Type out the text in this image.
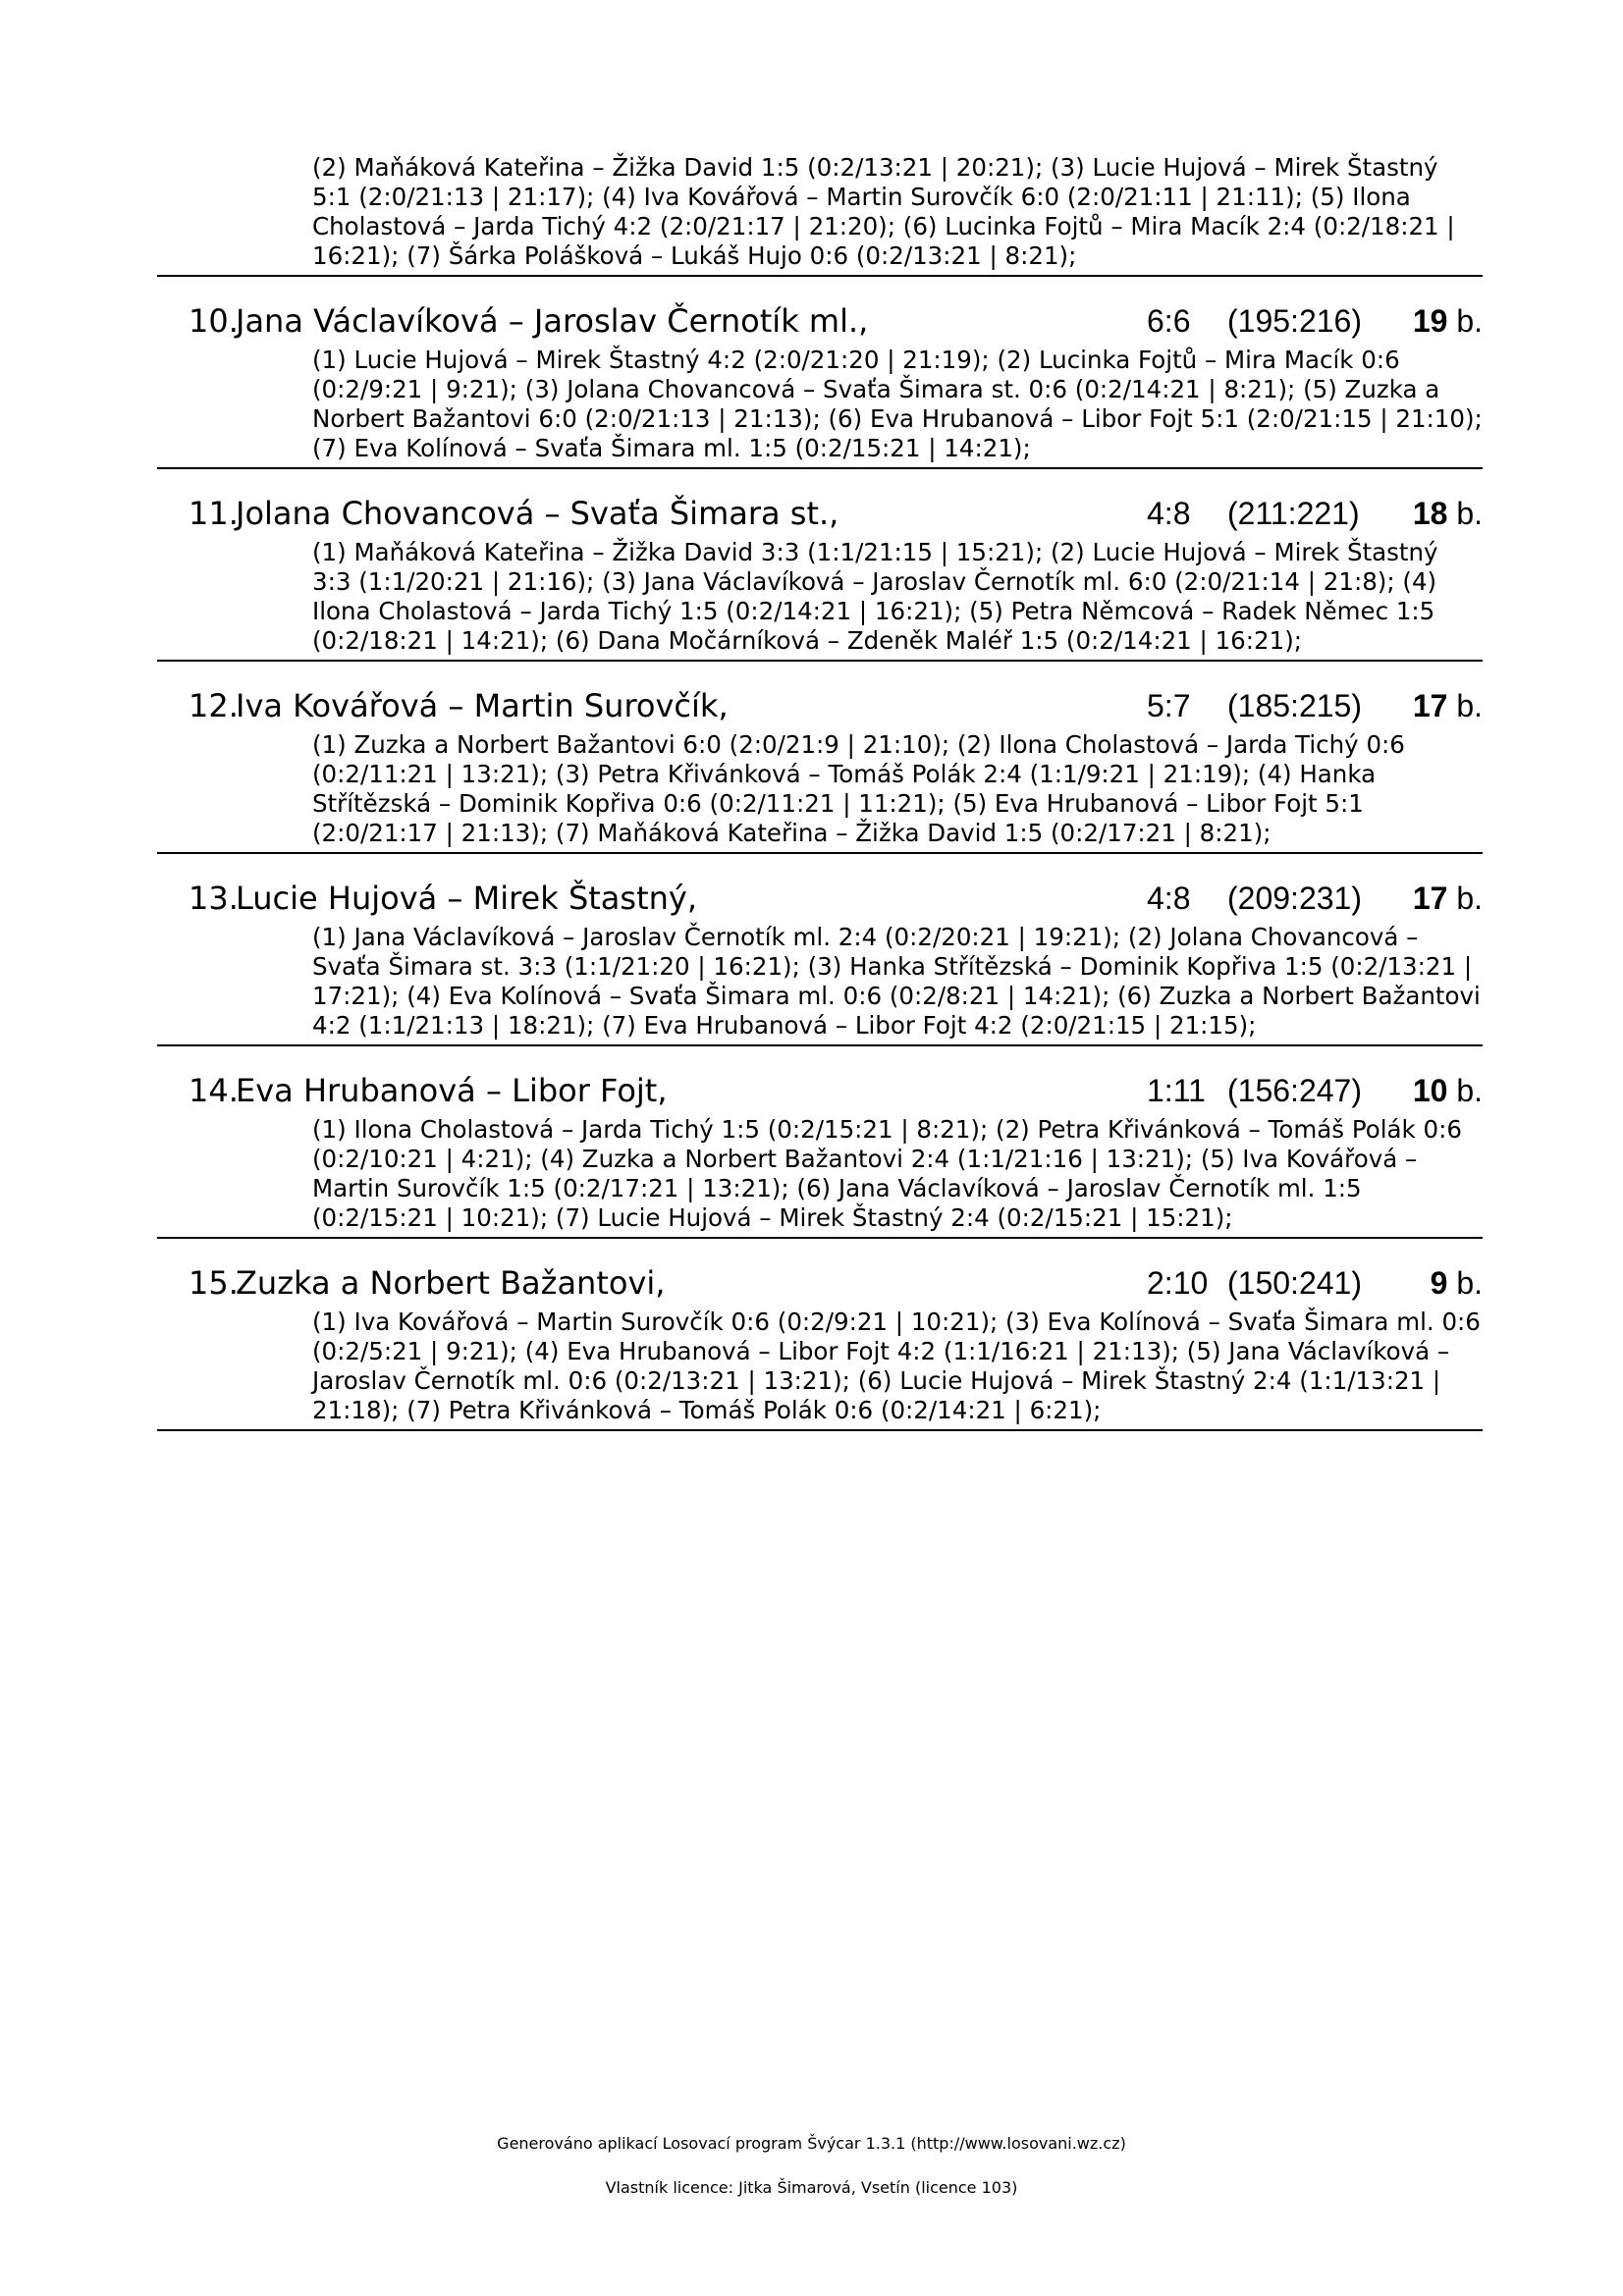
(2) Maňáková Kateřina – Žižka David 1:5 (0:2/13:21 | 20:21); (3) Lucie Hujová – Mirek Štastný 5:1 (2:0/21:13 | 21:17); (4) Iva Kovářová – Martin Surovčík 6:0 (2:0/21:11 | 21:11); (5) Ilona Cholastová – Jarda Tichý 4:2 (2:0/21:17 | 21:20); (6) Lucinka Fojtů – Mira Macík 2:4 (0:2/18:21 | 16:21); (7) Šárka Polášková – Lukáš Hujo 0:6 (0:2/13:21 | 8:21);
10.
Jana Václavíková – Jaroslav Černotík ml.,	6:6	(195:216)	19 b.
(1) Lucie Hujová – Mirek Štastný 4:2 (2:0/21:20 | 21:19); (2) Lucinka Fojtů – Mira Macík 0:6 (0:2/9:21 | 9:21); (3) Jolana Chovancová – Svaťa Šimara st. 0:6 (0:2/14:21 | 8:21); (5) Zuzka a Norbert Bažantovi 6:0 (2:0/21:13 | 21:13); (6) Eva Hrubanová – Libor Fojt 5:1 (2:0/21:15 | 21:10); (7) Eva Kolínová – Svaťa Šimara ml. 1:5 (0:2/15:21 | 14:21);
11.
Jolana Chovancová – Svaťa Šimara st.,	4:8	(211:221)	18 b.
(1) Maňáková Kateřina – Žižka David 3:3 (1:1/21:15 | 15:21); (2) Lucie Hujová – Mirek Štastný 3:3 (1:1/20:21 | 21:16); (3) Jana Václavíková – Jaroslav Černotík ml. 6:0 (2:0/21:14 | 21:8); (4) Ilona Cholastová – Jarda Tichý 1:5 (0:2/14:21 | 16:21); (5) Petra Němcová – Radek Němec 1:5 (0:2/18:21 | 14:21); (6) Dana Močárníková – Zdeněk Maléř 1:5 (0:2/14:21 | 16:21);
12.
Iva Kovářová – Martin Surovčík,	5:7	(185:215)	17 b.
(1) Zuzka a Norbert Bažantovi 6:0 (2:0/21:9 | 21:10); (2) Ilona Cholastová – Jarda Tichý 0:6 (0:2/11:21 | 13:21); (3) Petra Křivánková – Tomáš Polák 2:4 (1:1/9:21 | 21:19); (4) Hanka Střítězská – Dominik Kopřiva 0:6 (0:2/11:21 | 11:21); (5) Eva Hrubanová – Libor Fojt 5:1 (2:0/21:17 | 21:13); (7) Maňáková Kateřina – Žižka David 1:5 (0:2/17:21 | 8:21);
13.
Lucie Hujová – Mirek Štastný,	4:8	(209:231)	17 b.
(1) Jana Václavíková – Jaroslav Černotík ml. 2:4 (0:2/20:21 | 19:21); (2) Jolana Chovancová – Svaťa Šimara st. 3:3 (1:1/21:20 | 16:21); (3) Hanka Střítězská – Dominik Kopřiva 1:5 (0:2/13:21 | 17:21); (4) Eva Kolínová – Svaťa Šimara ml. 0:6 (0:2/8:21 | 14:21); (6) Zuzka a Norbert Bažantovi 4:2 (1:1/21:13 | 18:21); (7) Eva Hrubanová – Libor Fojt 4:2 (2:0/21:15 | 21:15);
14.
Eva Hrubanová – Libor Fojt,	1:11 (156:247)	10 b.
(1) Ilona Cholastová – Jarda Tichý 1:5 (0:2/15:21 | 8:21); (2) Petra Křivánková – Tomáš Polák 0:6 (0:2/10:21 | 4:21); (4) Zuzka a Norbert Bažantovi 2:4 (1:1/21:16 | 13:21); (5) Iva Kovářová – Martin Surovčík 1:5 (0:2/17:21 | 13:21); (6) Jana Václavíková – Jaroslav Černotík ml. 1:5 (0:2/15:21 | 10:21); (7) Lucie Hujová – Mirek Štastný 2:4 (0:2/15:21 | 15:21);
15.
Zuzka a Norbert Bažantovi,	2:10 (150:241)	9 b.
(1) Iva Kovářová – Martin Surovčík 0:6 (0:2/9:21 | 10:21); (3) Eva Kolínová – Svaťa Šimara ml. 0:6 (0:2/5:21 | 9:21); (4) Eva Hrubanová – Libor Fojt 4:2 (1:1/16:21 | 21:13); (5) Jana Václavíková – Jaroslav Černotík ml. 0:6 (0:2/13:21 | 13:21); (6) Lucie Hujová – Mirek Štastný 2:4 (1:1/13:21 | 21:18); (7) Petra Křivánková – Tomáš Polák 0:6 (0:2/14:21 | 6:21);
Generováno aplikací Losovací program Švýcar 1.3.1 (http://www.losovani.wz.cz)
Vlastník licence: Jitka Šimarová, Vsetín (licence 103)
